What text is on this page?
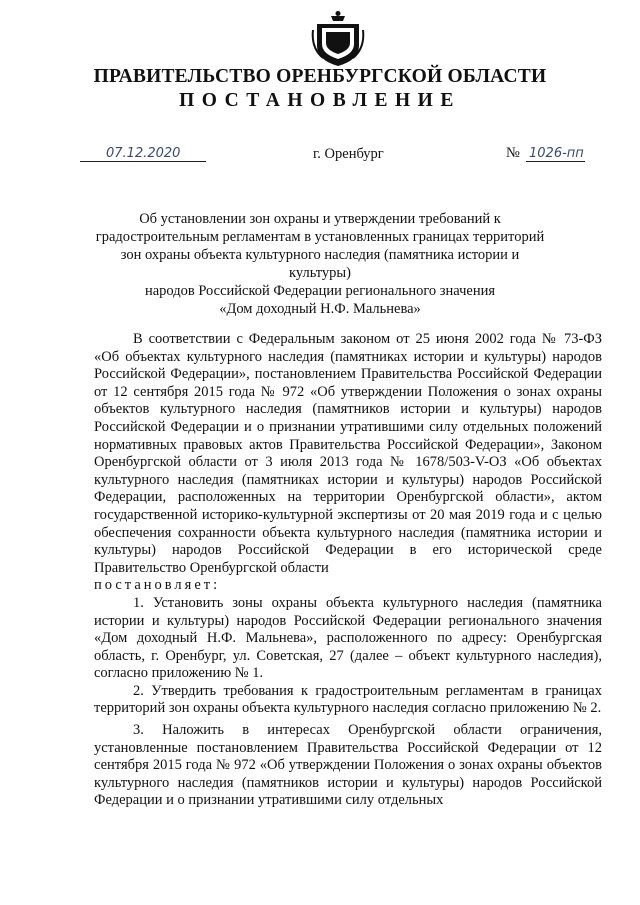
ПРАВИТЕЛЬСТВО ОРЕНБУРГСКОЙ ОБЛАСТИ
ПОСТАНОВЛЕНИЕ
07.12.2020	г. Оренбург	№ 1026-пп
Об установлении зон охраны и утверждении требований к
градостроительным регламентам в установленных границах территорий
зон охраны объекта культурного наследия (памятника истории и культуры)
народов Российской Федерации регионального значения
«Дом доходный Н.Ф. Мальнева»

В соответствии с Федеральным законом от 25 июня 2002 года № 73-ФЗ «Об объектах культурного наследия (памятниках истории и культуры) народов Российской Федерации», постановлением Правительства Российской Федерации от 12 сентября 2015 года № 972 «Об утверждении Положения о зонах охраны объектов культурного наследия (памятников истории и культуры) народов Российской Федерации и о признании утратившими силу отдельных положений нормативных правовых актов Правительства Российской Федерации», Законом Оренбургской области от 3 июля 2013 года № 1678/503-V-ОЗ «Об объектах культурного наследия (памятниках истории и культуры) народов Российской Федерации, расположенных на территории Оренбургской области», актом государственной историко-культурной экспертизы от 20 мая 2019 года и с целью обеспечения сохранности объекта культурного наследия (памятника истории и культуры) народов Российской Федерации в его исторической среде Правительство Оренбургской области

постановляет:

1. Установить зоны охраны объекта культурного наследия (памятника истории и культуры) народов Российской Федерации регионального значения «Дом доходный Н.Ф. Мальнева», расположенного по адресу: Оренбургская область, г. Оренбург, ул. Советская, 27 (далее – объект культурного наследия), согласно приложению № 1.

2. Утвердить требования к градостроительным регламентам в границах территорий зон охраны объекта культурного наследия согласно приложению № 2.

3. Наложить в интересах Оренбургской области ограничения, установленные постановлением Правительства Российской Федерации от 12 сентября 2015 года № 972 «Об утверждении Положения о зонах охраны объектов культурного наследия (памятников истории и культуры) народов Российской Федерации и о признании утратившими силу отдельных
